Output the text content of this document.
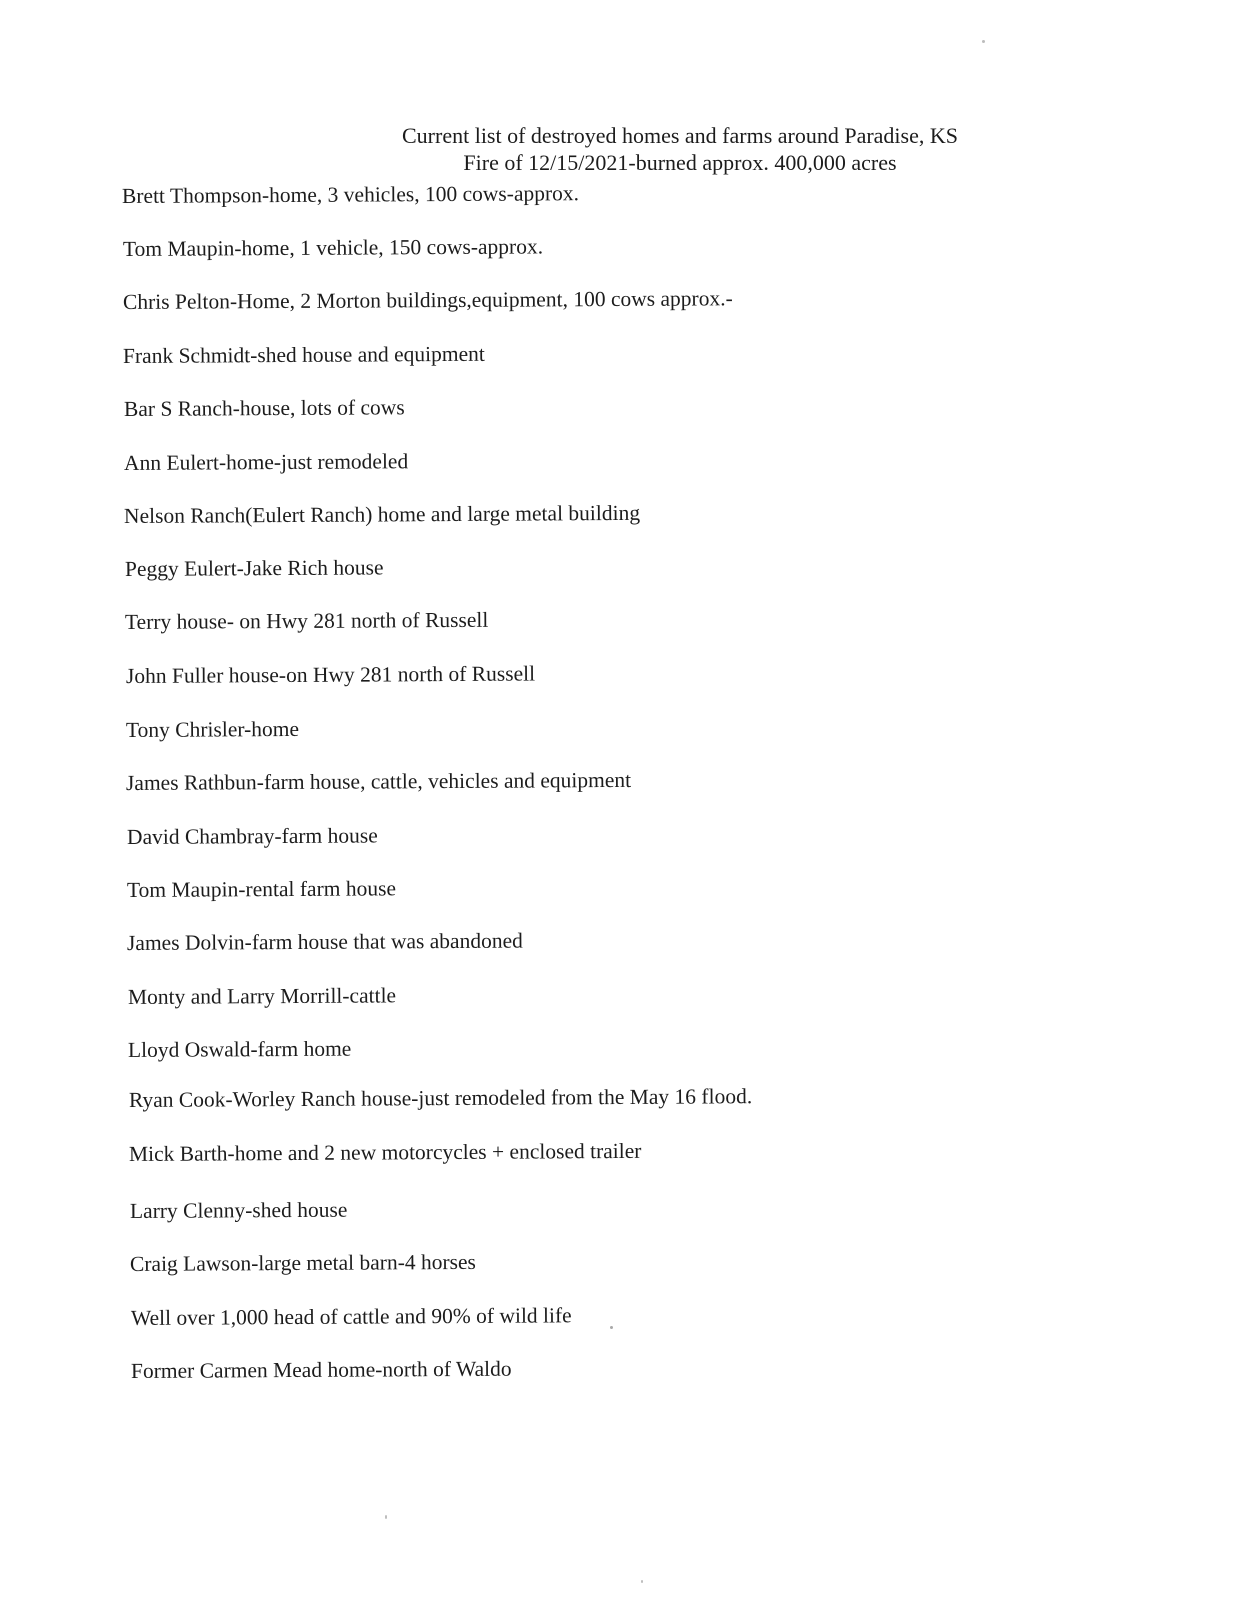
Current list of destroyed homes and farms around Paradise, KS
Fire of 12/15/2021-burned approx. 400,000 acres
Brett Thompson-home, 3 vehicles, 100 cows-approx.
Tom Maupin-home, 1 vehicle, 150 cows-approx.
Chris Pelton-Home, 2 Morton buildings,equipment, 100 cows approx.-
Frank Schmidt-shed house and equipment
Bar S Ranch-house, lots of cows
Ann Eulert-home-just remodeled
Nelson Ranch(Eulert Ranch) home and large metal building
Peggy Eulert-Jake Rich house
Terry house- on Hwy 281 north of Russell
John Fuller house-on Hwy 281 north of Russell
Tony Chrisler-home
James Rathbun-farm house, cattle, vehicles and equipment
David Chambray-farm house
Tom Maupin-rental farm house
James Dolvin-farm house that was abandoned
Monty and Larry Morrill-cattle
Lloyd Oswald-farm home
Ryan Cook-Worley Ranch house-just remodeled from the May 16 flood.
Mick Barth-home and 2 new motorcycles + enclosed trailer
Larry Clenny-shed house
Craig Lawson-large metal barn-4 horses
Well over 1,000 head of cattle and 90% of wild life
Former Carmen Mead home-north of Waldo
